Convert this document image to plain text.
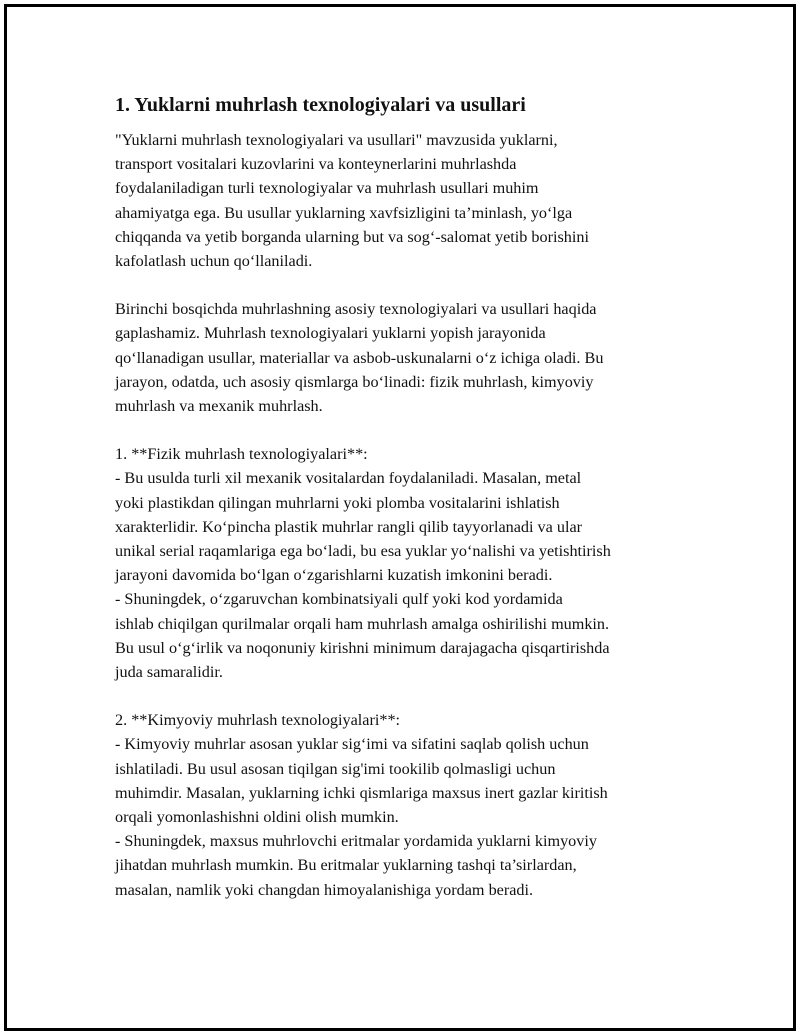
1. Yuklarni muhrlash texnologiyalari va usullari

"Yuklarni muhrlash texnologiyalari va usullari" mavzusida yuklarni,
transport vositalari kuzovlarini va konteynerlarini muhrlashda
foydalaniladigan turli texnologiyalar va muhrlash usullari muhim
ahamiyatga ega. Bu usullar yuklarning xavfsizligini ta’minlash, yo‘lga
chiqqanda va yetib borganda ularning but va sog‘-salomat yetib borishini
kafolatlash uchun qo‘llaniladi.

Birinchi bosqichda muhrlashning asosiy texnologiyalari va usullari haqida
gaplashamiz. Muhrlash texnologiyalari yuklarni yopish jarayonida
qo‘llanadigan usullar, materiallar va asbob-uskunalarni o‘z ichiga oladi. Bu
jarayon, odatda, uch asosiy qismlarga bo‘linadi: fizik muhrlash, kimyoviy
muhrlash va mexanik muhrlash.

1. **Fizik muhrlash texnologiyalari**:
- Bu usulda turli xil mexanik vositalardan foydalaniladi. Masalan, metal
yoki plastikdan qilingan muhrlarni yoki plomba vositalarini ishlatish
xarakterlidir. Ko‘pincha plastik muhrlar rangli qilib tayyorlanadi va ular
unikal serial raqamlariga ega bo‘ladi, bu esa yuklar yo‘nalishi va yetishtirish
jarayoni davomida bo‘lgan o‘zgarishlarni kuzatish imkonini beradi.
- Shuningdek, o‘zgaruvchan kombinatsiyali qulf yoki kod yordamida
ishlab chiqilgan qurilmalar orqali ham muhrlash amalga oshirilishi mumkin.
Bu usul o‘g‘irlik va noqonuniy kirishni minimum darajagacha qisqartirishda
juda samaralidir.

2. **Kimyoviy muhrlash texnologiyalari**:
- Kimyoviy muhrlar asosan yuklar sig‘imi va sifatini saqlab qolish uchun
ishlatiladi. Bu usul asosan tiqilgan sig'imi tookilib qolmasligi uchun
muhimdir. Masalan, yuklarning ichki qismlariga maxsus inert gazlar kiritish
orqali yomonlashishni oldini olish mumkin.
- Shuningdek, maxsus muhrlovchi eritmalar yordamida yuklarni kimyoviy
jihatdan muhrlash mumkin. Bu eritmalar yuklarning tashqi ta’sirlardan,
masalan, namlik yoki changdan himoyalanishiga yordam beradi.
